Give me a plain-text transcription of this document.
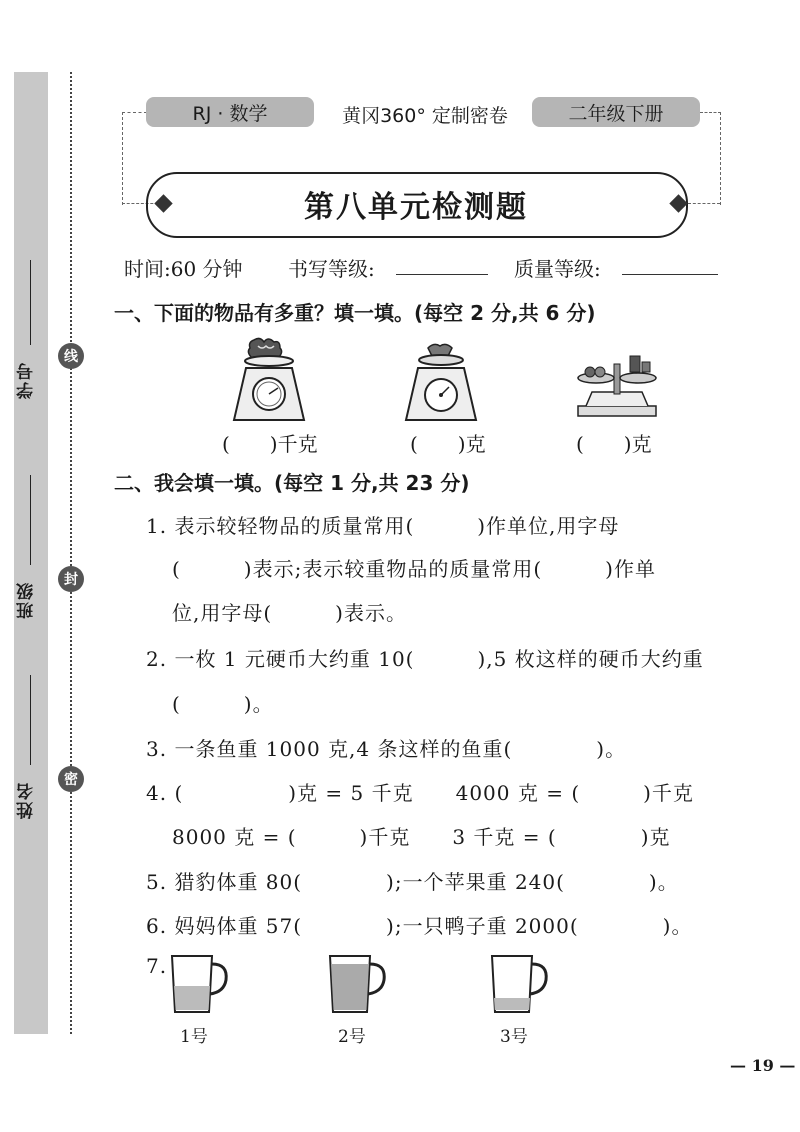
学号
班级
姓名
线
封
密
RJ · 数学	黄冈360° 定制密卷	二年级下册
第八单元检测题
时间:60 分钟 书写等级:	质量等级:
一、下面的物品有多重？填一填。(每空 2 分,共 6 分)
(　　)千克	(　　)克	(　　)克
二、我会填一填。(每空 1 分,共 23 分)
1. 表示较轻物品的质量常用(　　　)作单位,用字母
(　　　)表示;表示较重物品的质量常用(　　　)作单
位,用字母(　　　)表示。
2. 一枚 1 元硬币大约重 10(　　　),5 枚这样的硬币大约重
(　　　)。
3. 一条鱼重 1000 克,4 条这样的鱼重(　　　　)。
4. (　　　　　)克 = 5 千克　　4000 克 = (　　　)千克
8000 克 = (　　　)千克　　3 千克 = (　　　　)克
5. 猎豹体重 80(　　　　);一个苹果重 240(　　　　)。
6. 妈妈体重 57(　　　　);一只鸭子重 2000(　　　　)。
7.
1号	2号	3号
— 19 —
